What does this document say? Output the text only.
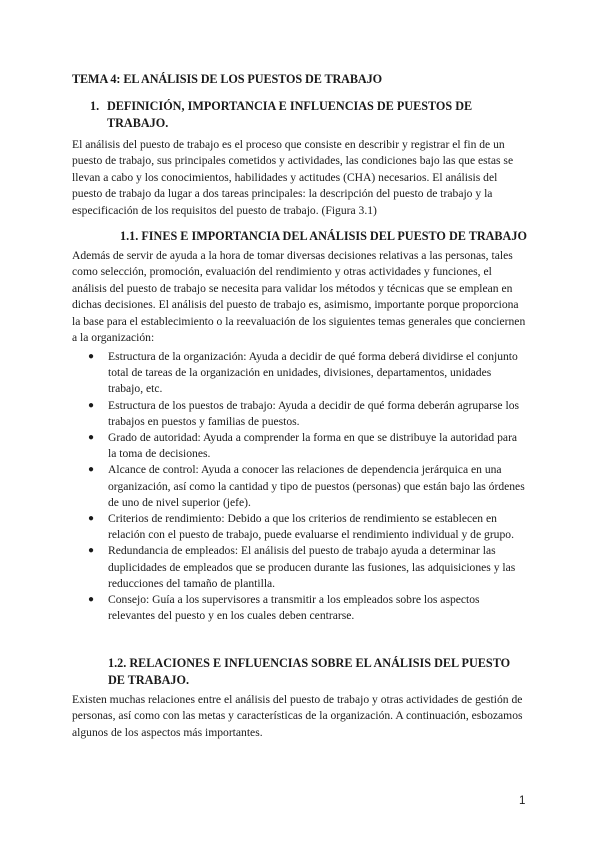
TEMA 4: EL ANÁLISIS DE LOS PUESTOS DE TRABAJO
1. DEFINICIÓN, IMPORTANCIA E INFLUENCIAS DE PUESTOS DE TRABAJO.

El análisis del puesto de trabajo es el proceso que consiste en describir y registrar el fin de un puesto de trabajo, sus principales cometidos y actividades, las condiciones bajo las que estas se llevan a cabo y los conocimientos, habilidades y actitudes (CHA) necesarios. El análisis del puesto de trabajo da lugar a dos tareas principales: la descripción del puesto de trabajo y la especificación de los requisitos del puesto de trabajo. (Figura 3.1)

1.1. FINES E IMPORTANCIA DEL ANÁLISIS DEL PUESTO DE TRABAJO

Además de servir de ayuda a la hora de tomar diversas decisiones relativas a las personas, tales como selección, promoción, evaluación del rendimiento y otras actividades y funciones, el análisis del puesto de trabajo se necesita para validar los métodos y técnicas que se emplean en dichas decisiones. El análisis del puesto de trabajo es, asimismo, importante porque proporciona la base para el establecimiento o la reevaluación de los siguientes temas generales que conciernen a la organización:

● Estructura de la organización: Ayuda a decidir de qué forma deberá dividirse el conjunto total de tareas de la organización en unidades, divisiones, departamentos, unidades trabajo, etc.
● Estructura de los puestos de trabajo: Ayuda a decidir de qué forma deberán agruparse los trabajos en puestos y familias de puestos.
● Grado de autoridad: Ayuda a comprender la forma en que se distribuye la autoridad para la toma de decisiones.
● Alcance de control: Ayuda a conocer las relaciones de dependencia jerárquica en una organización, así como la cantidad y tipo de puestos (personas) que están bajo las órdenes de uno de nivel superior (jefe).
● Criterios de rendimiento: Debido a que los criterios de rendimiento se establecen en relación con el puesto de trabajo, puede evaluarse el rendimiento individual y de grupo.
● Redundancia de empleados: El análisis del puesto de trabajo ayuda a determinar las duplicidades de empleados que se producen durante las fusiones, las adquisiciones y las reducciones del tamaño de plantilla.
● Consejo: Guía a los supervisores a transmitir a los empleados sobre los aspectos relevantes del puesto y en los cuales deben centrarse.
1.2. RELACIONES E INFLUENCIAS SOBRE EL ANÁLISIS DEL PUESTO DE TRABAJO.

Existen muchas relaciones entre el análisis del puesto de trabajo y otras actividades de gestión de personas, así como con las metas y características de la organización. A continuación, esbozamos algunos de los aspectos más importantes.

1
